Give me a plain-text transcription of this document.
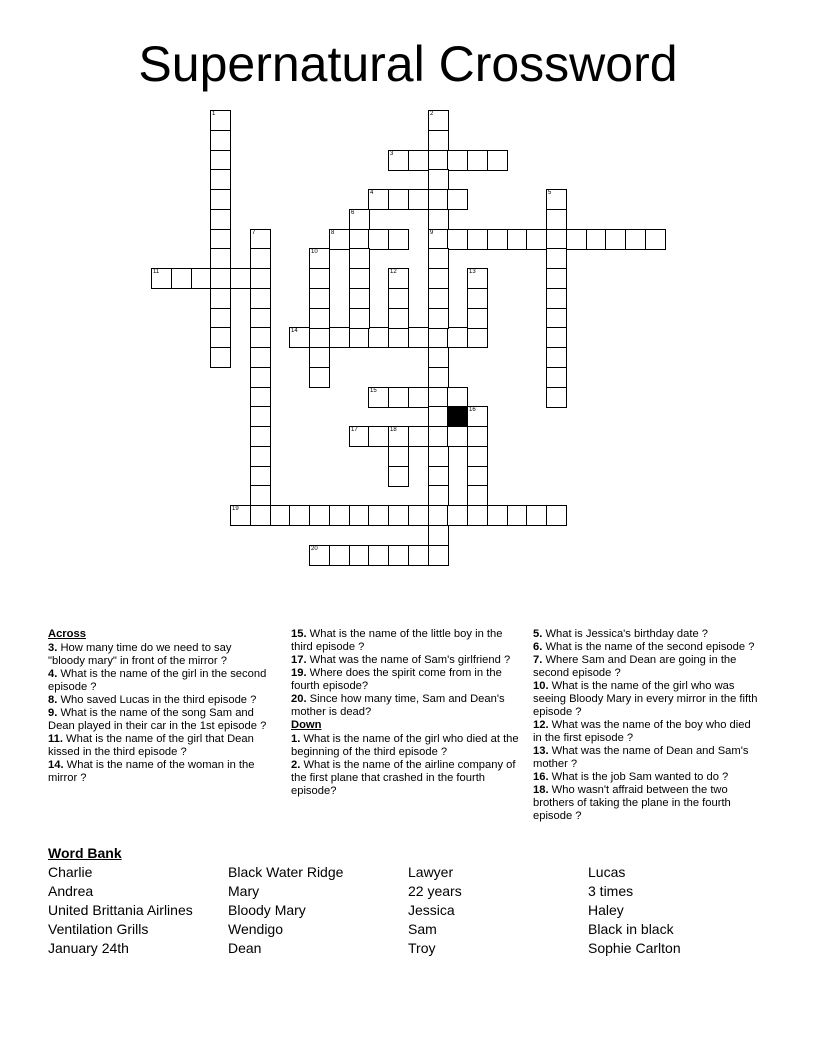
Supernatural Crossword
3
4
8	9
11
14
15
17	18
19
20
1	2
5
6
7
10
12	13
16
Across
3. How many time do we need to say "bloody mary" in front of the mirror ?
4. What is the name of the girl in the second episode ?
8. Who saved Lucas in the third episode ?
9. What is the name of the song Sam and Dean played in their car in the 1st episode ?
11. What is the name of the girl that Dean kissed in the third episode ?
14. What is the name of the woman in the mirror ?
15. What is the name of the little boy in the third episode ?
17. What was the name of Sam's girlfriend ?
19. Where does the spirit come from in the fourth episode?
20. Since how many time, Sam and Dean's mother is dead?
Down
1. What is the name of the girl who died at the beginning of the third episode ?
2. What is the name of the airline company of the first plane that crashed in the fourth episode?
5. What is Jessica's birthday date ?
6. What is the name of the second episode ?
7. Where Sam and Dean are going in the second episode ?
10. What is the name of the girl who was seeing Bloody Mary in every mirror in the fifth episode ?
12. What was the name of the boy who died in the first episode ?
13. What was the name of Dean and Sam's mother ?
16. What is the job Sam wanted to do ?
18. Who wasn't affraid between the two brothers of taking the plane in the fourth episode ?
Word Bank
Charlie
Andrea
United Brittania Airlines
Ventilation Grills
January 24th
Black Water Ridge
Mary
Bloody Mary
Wendigo
Dean
Lawyer
22 years
Jessica
Sam
Troy
Lucas
3 times
Haley
Black in black
Sophie Carlton
